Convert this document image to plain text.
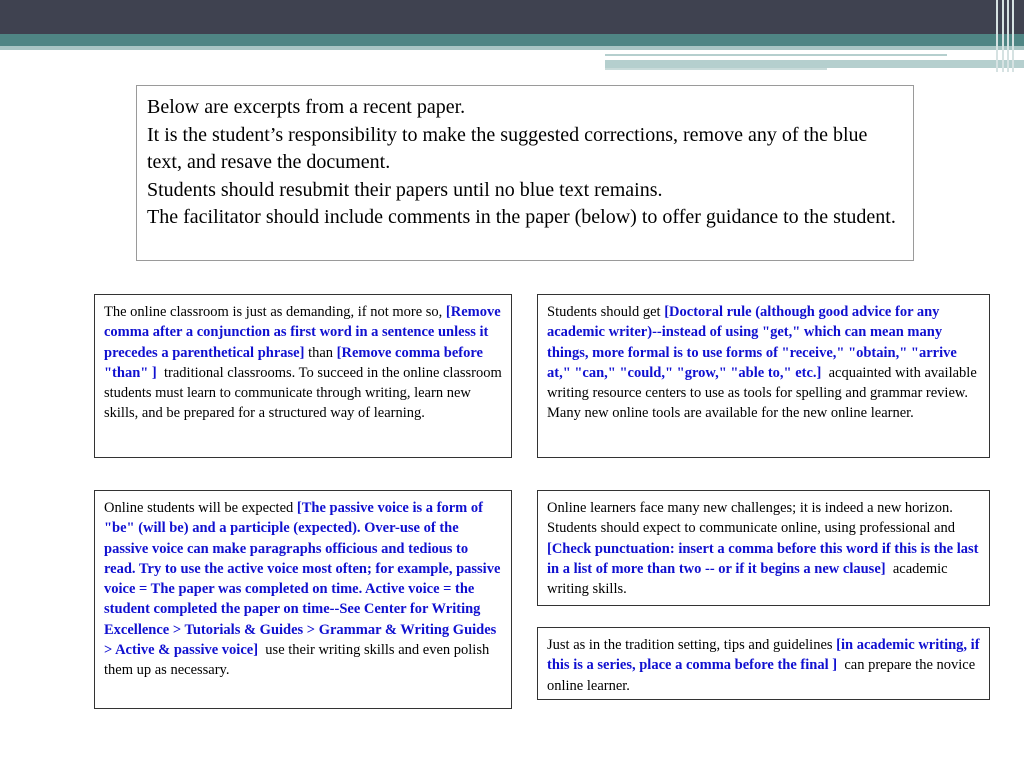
Below are excerpts from a recent paper.

It is the student’s responsibility to make the suggested corrections, remove any of the blue text, and resave the document.

Students should resubmit their papers until no blue text remains.

The facilitator should include comments in the paper (below) to offer guidance to the student.

The online classroom is just as demanding, if not more so, [Remove comma after a conjunction as first word in a sentence unless it precedes a parenthetical phrase] than [Remove comma before "than" ] traditional classrooms. To succeed in the online classroom students must learn to communicate through writing, learn new skills, and be prepared for a structured way of learning.

Students should get [Doctoral rule (although good advice for any academic writer)--instead of using "get," which can mean many things, more formal is to use forms of "receive," "obtain," "arrive at," "can," "could," "grow," "able to," etc.] acquainted with available writing resource centers to use as tools for spelling and grammar review. Many new online tools are available for the new online learner.

Online students will be expected [The passive voice is a form of "be" (will be) and a participle (expected). Over-use of the passive voice can make paragraphs officious and tedious to read. Try to use the active voice most often; for example, passive voice = The paper was completed on time. Active voice = the student completed the paper on time--See Center for Writing Excellence > Tutorials & Guides > Grammar & Writing Guides > Active & passive voice] use their writing skills and even polish them up as necessary.

Online learners face many new challenges; it is indeed a new horizon. Students should expect to communicate online, using professional and [Check punctuation: insert a comma before this word if this is the last in a list of more than two -- or if it begins a new clause] academic writing skills.

Just as in the tradition setting, tips and guidelines [in academic writing, if this is a series, place a comma before the final ] can prepare the novice online learner.
